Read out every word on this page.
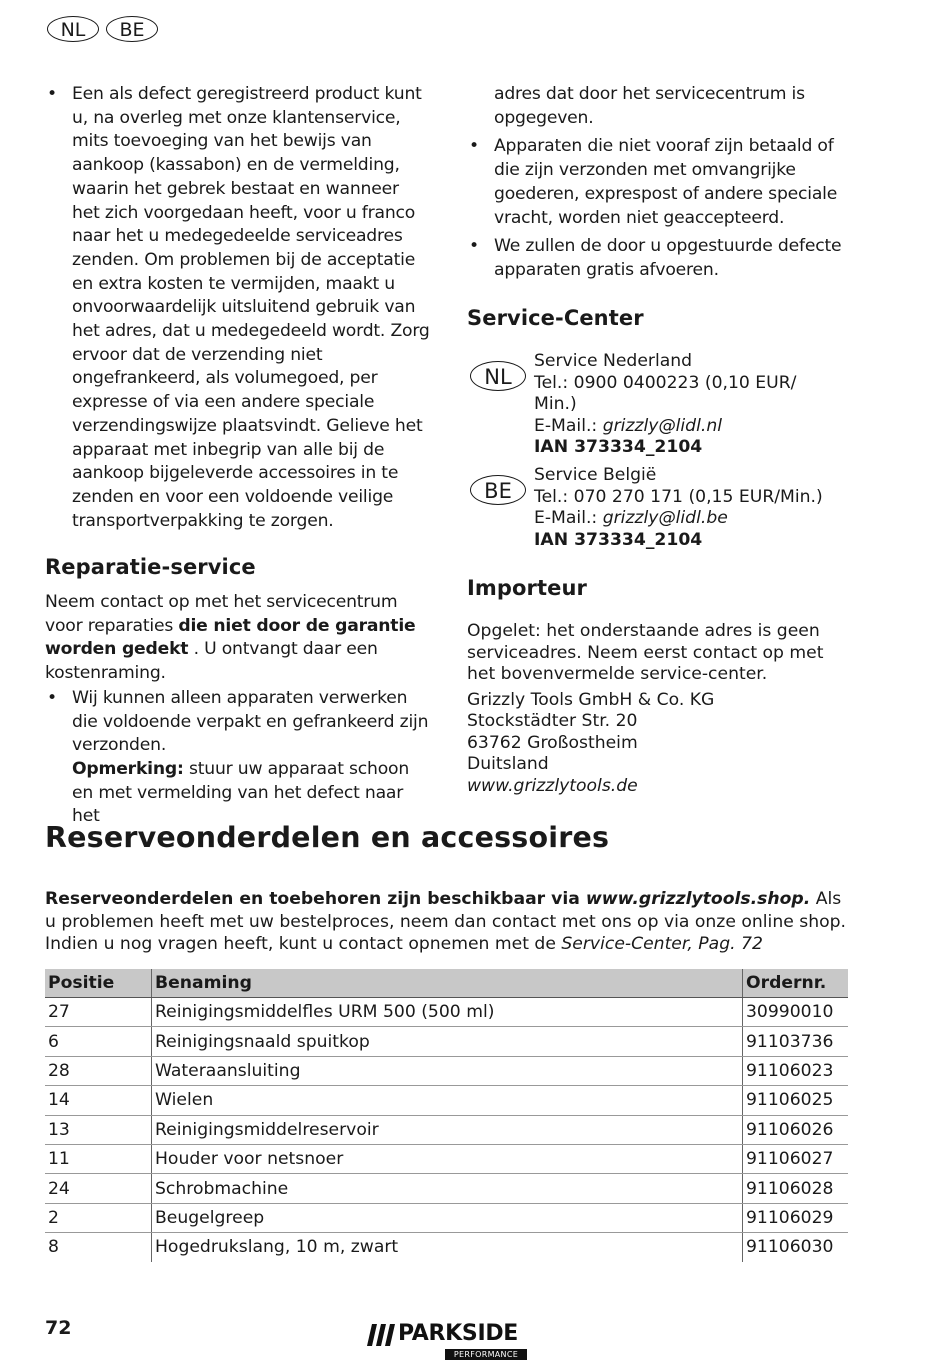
NL	BE
• Een als defect geregistreerd product kunt u, na overleg met onze klantenservice, mits toevoeging van het bewijs van aankoop (kassabon) en de vermelding, waarin het gebrek bestaat en wanneer het zich voorgedaan heeft, voor u franco naar het u medegedeelde serviceadres zenden. Om problemen bij de acceptatie en extra kosten te vermijden, maakt u onvoorwaardelijk uitsluitend gebruik van het adres, dat u medegedeeld wordt. Zorg ervoor dat de verzending niet ongefrankeerd, als volumegoed, per expresse of via een andere speciale verzendingswijze plaatsvindt. Gelieve het apparaat met inbegrip van alle bij de aankoop bijgeleverde accessoires in te zenden en voor een voldoende veilige transportverpakking te zorgen.
Reparatie-service

Neem contact op met het servicecentrum voor reparaties die niet door de garantie worden gedekt . U ontvangt daar een kostenraming.

• Wij kunnen alleen apparaten verwerken die voldoende verpakt en gefrankeerd zijn verzonden.
Opmerking: stuur uw apparaat schoon en met vermelding van het defect naar het

adres dat door het servicecentrum is opgegeven.

• Apparaten die niet vooraf zijn betaald of die zijn verzonden met omvangrijke goederen, exprespost of andere speciale vracht, worden niet geaccepteerd.
• We zullen de door u opgestuurde defecte apparaten gratis afvoeren.
Service-Center
NL
Service Nederland
Tel.: 0900 0400223 (0,10 EUR/ Min.)
E-Mail.: grizzly@lidl.nl
IAN 373334_2104
BE
Service België
Tel.: 070 270 171 (0,15 EUR/Min.)
E-Mail.: grizzly@lidl.be
IAN 373334_2104
Importeur

Opgelet: het onderstaande adres is geen serviceadres. Neem eerst contact op met het bovenvermelde service-center.

Grizzly Tools GmbH & Co. KG
Stockstädter Str. 20
63762 Großostheim
Duitsland
www.grizzlytools.de
Reserveonderdelen en accessoires
Reserveonderdelen en toebehoren zijn beschikbaar via www.grizzlytools.shop. Als u problemen heeft met uw bestelproces, neem dan contact met ons op via onze online shop. Indien u nog vragen heeft, kunt u contact opnemen met de Service-Center, Pag. 72
Positie	Benaming	Ordernr.
27	Reinigingsmiddelfles URM 500 (500 ml)	30990010
6	Reinigingsnaald spuitkop	91103736
28	Wateraansluiting	91106023
14	Wielen	91106025
13	Reinigingsmiddelreservoir	91106026
11	Houder voor netsnoer	91106027
24	Schrobmachine	91106028
2	Beugelgreep	91106029
8	Hogedrukslang, 10 m, zwart	91106030
72	PARKSIDE
PERFORMANCE
